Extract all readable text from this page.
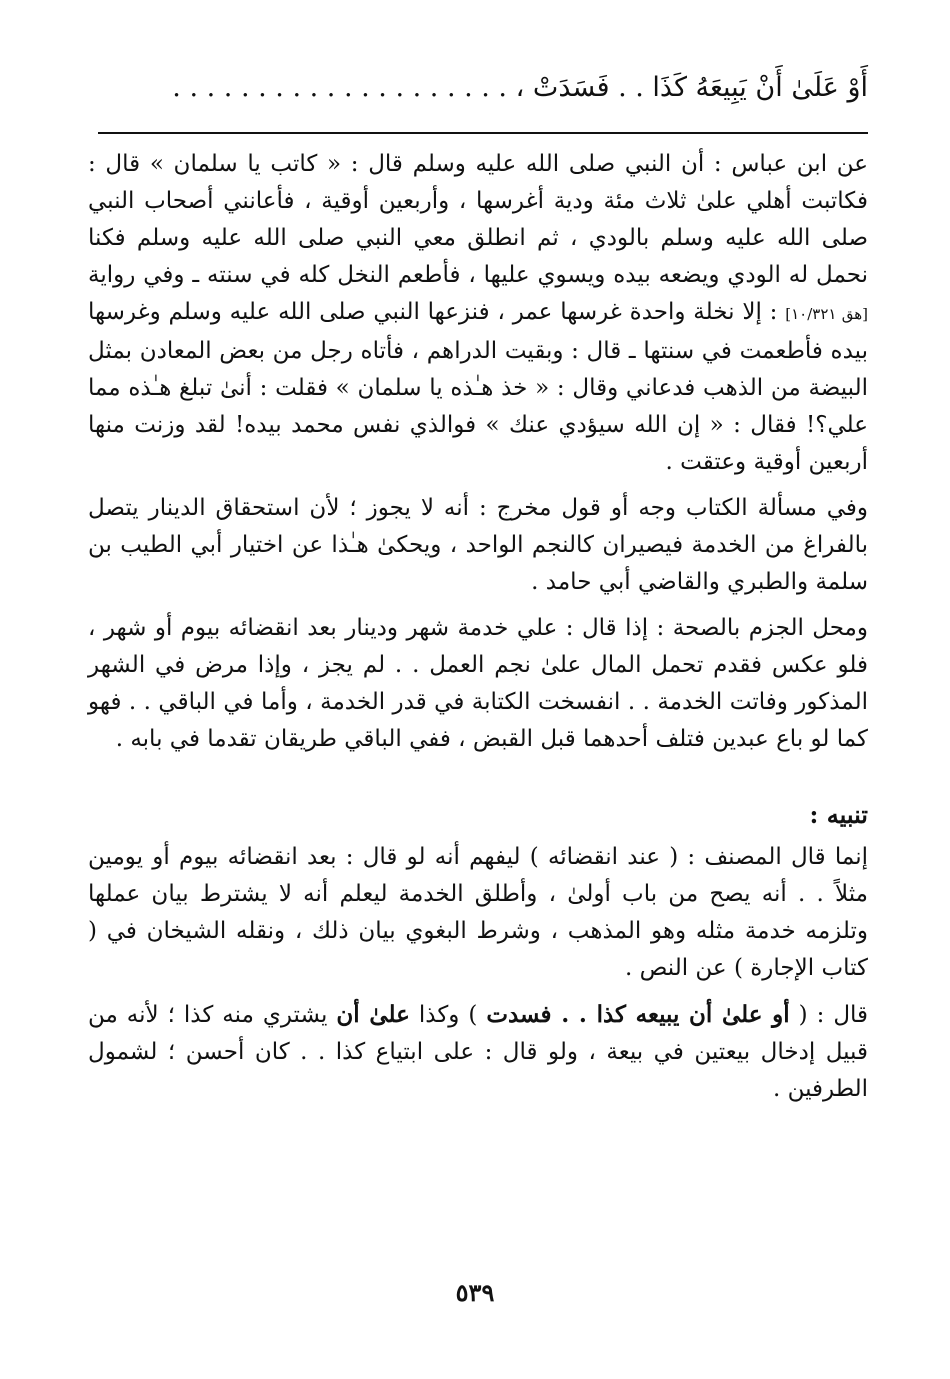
أَوْ عَلَىٰ أَنْ يَبِيعَهُ كَذَا . . فَسَدَتْ ، . . . . . . . . . . . . . . . . . . . .

عن ابن عباس : أن النبي صلى الله عليه وسلم قال : « كاتب يا سلمان » قال : فكاتبت أهلي علىٰ ثلاث مئة ودية أغرسها ، وأربعين أوقية ، فأعانني أصحاب النبي صلى الله عليه وسلم بالودي ، ثم انطلق معي النبي صلى الله عليه وسلم فكنا نحمل له الودي ويضعه بيده ويسوي عليها ، فأطعم النخل كله في سنته ـ وفي رواية [هق ١٠/٣٢١] : إلا نخلة واحدة غرسها عمر ، فنزعها النبي صلى الله عليه وسلم وغرسها بيده فأطعمت في سنتها ـ قال : وبقيت الدراهم ، فأتاه رجل من بعض المعادن بمثل البيضة من الذهب فدعاني وقال : « خذ هـٰذه يا سلمان » فقلت : أنىٰ تبلغ هـٰذه مما علي؟! فقال : « إن الله سيؤدي عنك » فوالذي نفس محمد بيده! لقد وزنت منها أربعين أوقية وعتقت .

وفي مسألة الكتاب وجه أو قول مخرج : أنه لا يجوز ؛ لأن استحقاق الدينار يتصل بالفراغ من الخدمة فيصيران كالنجم الواحد ، ويحكىٰ هـٰذا عن اختيار أبي الطيب بن سلمة والطبري والقاضي أبي حامد .

ومحل الجزم بالصحة : إذا قال : علي خدمة شهر ودينار بعد انقضائه بيوم أو شهر ، فلو عكس فقدم تحمل المال علىٰ نجم العمل . . لم يجز ، وإذا مرض في الشهر المذكور وفاتت الخدمة . . انفسخت الكتابة في قدر الخدمة ، وأما في الباقي . . فهو كما لو باع عبدين فتلف أحدهما قبل القبض ، ففي الباقي طريقان تقدما في بابه .

تنبيه :

إنما قال المصنف : ( عند انقضائه ) ليفهم أنه لو قال : بعد انقضائه بيوم أو يومين مثلاً . . أنه يصح من باب أولىٰ ، وأطلق الخدمة ليعلم أنه لا يشترط بيان عملها وتلزمه خدمة مثله وهو المذهب ، وشرط البغوي بيان ذلك ، ونقله الشيخان في ( كتاب الإجارة ) عن النص .

قال : ( أو علىٰ أن يبيعه كذا . . فسدت ) وكذا علىٰ أن يشتري منه كذا ؛ لأنه من قبيل إدخال بيعتين في بيعة ، ولو قال : على ابتياع كذا . . كان أحسن ؛ لشمول الطرفين .

٥٣٩
